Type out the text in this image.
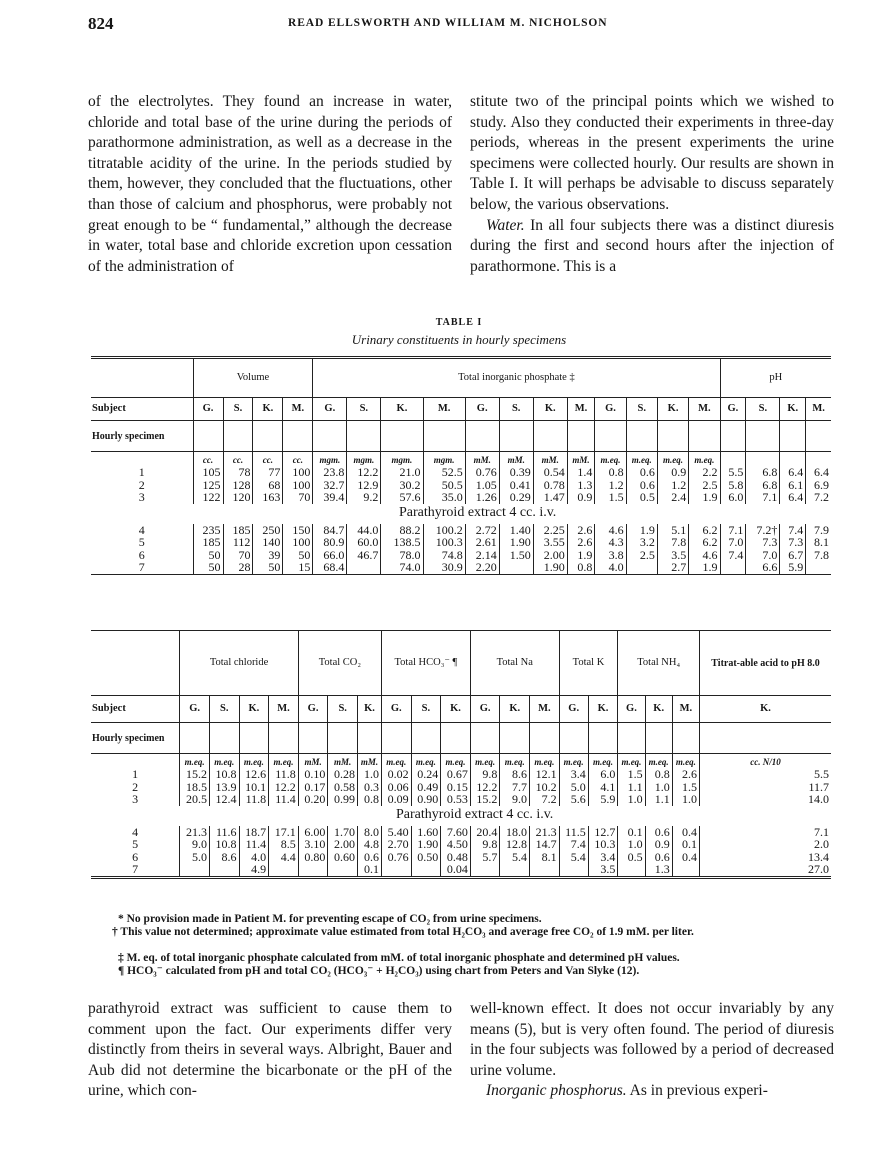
824	READ ELLSWORTH AND WILLIAM M. NICHOLSON

of the electrolytes. They found an increase in water, chloride and total base of the urine during the periods of parathormone administration, as well as a decrease in the titratable acidity of the urine. In the periods studied by them, however, they concluded that the fluctuations, other than those of calcium and phosphorus, were probably not great enough to be “ fundamental,” although the decrease in water, total base and chloride excretion upon cessation of the administration of

stitute two of the principal points which we wished to study. Also they conducted their experiments in three-day periods, whereas in the present experiments the urine specimens were collected hourly. Our results are shown in Table I. It will perhaps be advisable to discuss separately below, the various observations.

Water. In all four subjects there was a distinct diuresis during the first and second hours after the injection of parathormone. This is a

TABLE I
Urinary constituents in hourly specimens
	Volume				Total inorganic phosphate ‡												pH			
Subject	G.	S.	K.	M.	G.	S.	K.	M.	G.	S.	K.	M.	G.	S.	K.	M.	G.	S.	K.	M.
Hourly specimen																				
	cc.	cc.	cc.	cc.	mgm.	mgm.	mgm.	mgm.	mM.	mM.	mM.	mM.	m.eq.	m.eq.	m.eq.	m.eq.				
1	105	78	77	100	23.8	12.2	21.0	52.5	0.76	0.39	0.54	1.4	0.8	0.6	0.9	2.2	5.5	6.8	6.4	6.4
2	125	128	68	100	32.7	12.9	30.2	50.5	1.05	0.41	0.78	1.3	1.2	0.6	1.2	2.5	5.8	6.8	6.1	6.9
3	122	120	163	70	39.4	9.2	57.6	35.0	1.26	0.29	1.47	0.9	1.5	0.5	2.4	1.9	6.0	7.1	6.4	7.2
Parathyroid extract 4 cc. i.v.																				
4	235	185	250	150	84.7	44.0	88.2	100.2	2.72	1.40	2.25	2.6	4.6	1.9	5.1	6.2	7.1	7.2†	7.4	7.9
5	185	112	140	100	80.9	60.0	138.5	100.3	2.61	1.90	3.55	2.6	4.3	3.2	7.8	6.2	7.0	7.3	7.3	8.1
6	50	70	39	50	66.0	46.7	78.0	74.8	2.14	1.50	2.00	1.9	3.8	2.5	3.5	4.6	7.4	7.0	6.7	7.8
7	50	28	50	15	68.4		74.0	30.9	2.20		1.90	0.8	4.0		2.7	1.9		6.6	5.9	
	Total chloride				Total CO₂			Total HCO₃⁻ ¶			Total Na			Total K		Total NH₄			Titrat-able acid to pH 8.0
Subject	G.	S.	K.	M.	G.	S.	K.	G.	S.	K.	G.	K.	M.	G.	K.	G.	K.	M.	K.
Hourly specimen																			
	m.eq.	m.eq.	m.eq.	m.eq.	mM.	mM.	mM.	m.eq.	m.eq.	m.eq.	m.eq.	m.eq.	m.eq.	m.eq.	m.eq.	m.eq.	m.eq.	m.eq.	cc. N/10
1	15.2	10.8	12.6	11.8	0.10	0.28	1.0	0.02	0.24	0.67	9.8	8.6	12.1	3.4	6.0	1.5	0.8	2.6	5.5
2	18.5	13.9	10.1	12.2	0.17	0.58	0.3	0.06	0.49	0.15	12.2	7.7	10.2	5.0	4.1	1.1	1.0	1.5	11.7
3	20.5	12.4	11.8	11.4	0.20	0.99	0.8	0.09	0.90	0.53	15.2	9.0	7.2	5.6	5.9	1.0	1.1	1.0	14.0
Parathyroid extract 4 cc. i.v.																			
4	21.3	11.6	18.7	17.1	6.00	1.70	8.0	5.40	1.60	7.60	20.4	18.0	21.3	11.5	12.7	0.1	0.6	0.4	7.1
5	9.0	10.8	11.4	8.5	3.10	2.00	4.8	2.70	1.90	4.50	9.8	12.8	14.7	7.4	10.3	1.0	0.9	0.1	2.0
6	5.0	8.6	4.0	4.4	0.80	0.60	0.6	0.76	0.50	0.48	5.7	5.4	8.1	5.4	3.4	0.5	0.6	0.4	13.4
7			4.9				0.1			0.04					3.5		1.3		27.0
* No provision made in Patient M. for preventing escape of CO₂ from urine specimens.
† This value not determined; approximate value estimated from total H₂CO₃ and average free CO₂ of 1.9 mM. per liter.
‡ M. eq. of total inorganic phosphate calculated from mM. of total inorganic phosphate and determined pH values.
¶ HCO₃⁻ calculated from pH and total CO₂ (HCO₃⁻ + H₂CO₃) using chart from Peters and Van Slyke (12).

parathyroid extract was sufficient to cause them to comment upon the fact. Our experiments differ very distinctly from theirs in several ways. Albright, Bauer and Aub did not determine the bicarbonate or the pH of the urine, which con-

well-known effect. It does not occur invariably by any means (5), but is very often found. The period of diuresis in the four subjects was followed by a period of decreased urine volume.

Inorganic phosphorus. As in previous experi-
